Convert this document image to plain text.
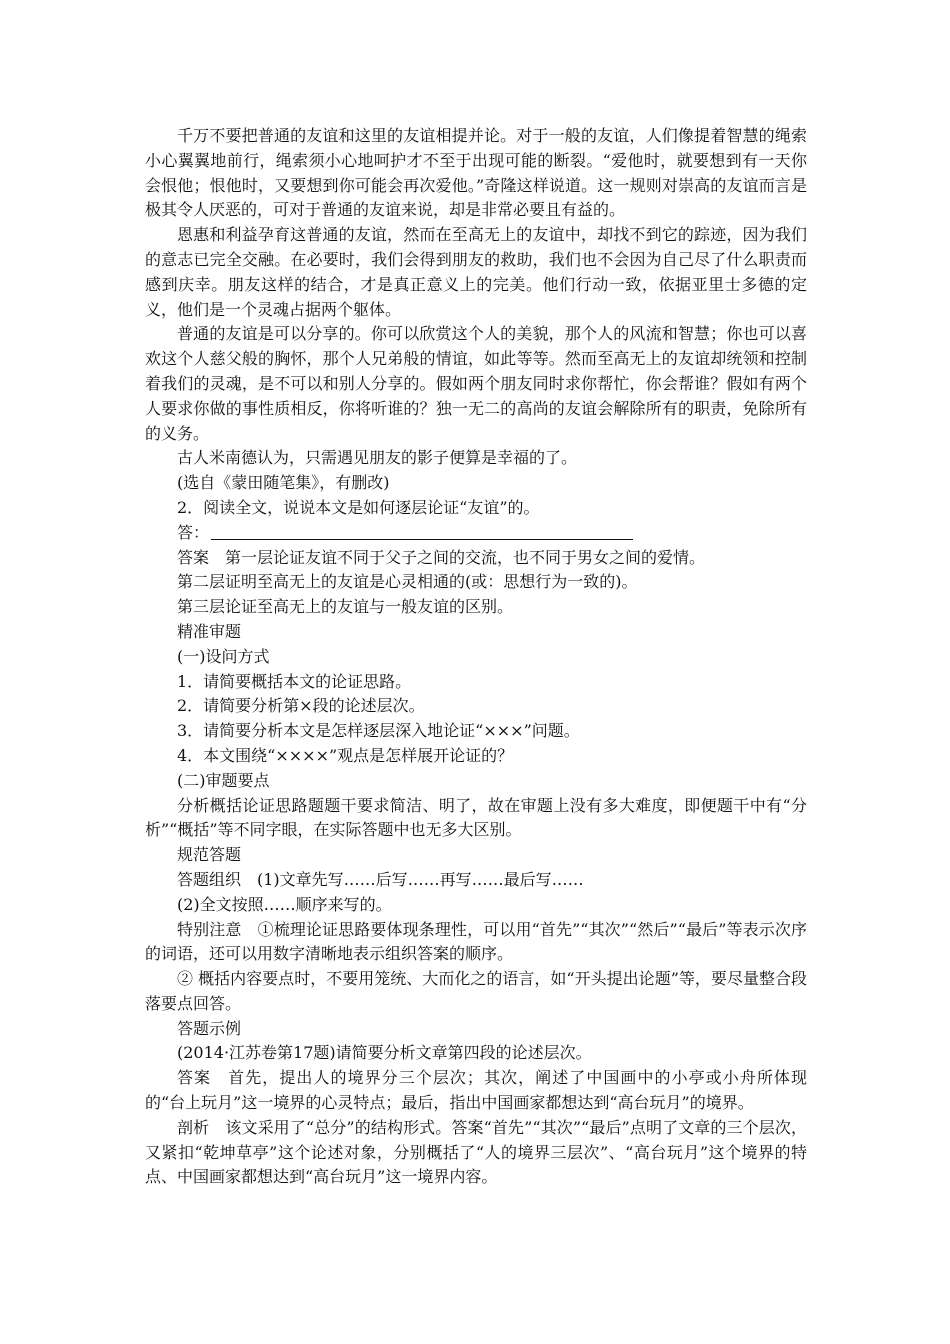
千万不要把普通的友谊和这里的友谊相提并论。对于一般的友谊，人们像提着智慧的绳索小心翼翼地前行，绳索须小心地呵护才不至于出现可能的断裂。“爱他时，就要想到有一天你会恨他；恨他时，又要想到你可能会再次爱他。”奇隆这样说道。这一规则对崇高的友谊而言是极其令人厌恶的，可对于普通的友谊来说，却是非常必要且有益的。

恩惠和利益孕育这普通的友谊，然而在至高无上的友谊中，却找不到它的踪迹，因为我们的意志已完全交融。在必要时，我们会得到朋友的救助，我们也不会因为自己尽了什么职责而感到庆幸。朋友这样的结合，才是真正意义上的完美。他们行动一致，依据亚里士多德的定义，他们是一个灵魂占据两个躯体。

普通的友谊是可以分享的。你可以欣赏这个人的美貌，那个人的风流和智慧；你也可以喜欢这个人慈父般的胸怀，那个人兄弟般的情谊，如此等等。然而至高无上的友谊却统领和控制着我们的灵魂，是不可以和别人分享的。假如两个朋友同时求你帮忙，你会帮谁？假如有两个人要求你做的事性质相反，你将听谁的？独一无二的高尚的友谊会解除所有的职责，免除所有的义务。

古人米南德认为，只需遇见朋友的影子便算是幸福的了。

(选自《蒙田随笔集》，有删改)

2．阅读全文，说说本文是如何逐层论证“友谊”的。

答：

答案　第一层论证友谊不同于父子之间的交流，也不同于男女之间的爱情。

第二层证明至高无上的友谊是心灵相通的(或：思想行为一致的)。

第三层论证至高无上的友谊与一般友谊的区别。

精准审题

(一)设问方式

1．请简要概括本文的论证思路。

2．请简要分析第×段的论述层次。

3．请简要分析本文是怎样逐层深入地论证“×××”问题。

4．本文围绕“××××”观点是怎样展开论证的？

(二)审题要点

分析概括论证思路题题干要求简洁、明了，故在审题上没有多大难度，即便题干中有“分析”“概括”等不同字眼，在实际答题中也无多大区别。

规范答题

答题组织　(1)文章先写……后写……再写……最后写……

(2)全文按照……顺序来写的。

特别注意　①梳理论证思路要体现条理性，可以用“首先”“其次”“然后”“最后”等表示次序的词语，还可以用数字清晰地表示组织答案的顺序。

② 概括内容要点时，不要用笼统、大而化之的语言，如“开头提出论题”等，要尽量整合段落要点回答。

答题示例

(2014·江苏卷第17题)请简要分析文章第四段的论述层次。

答案　首先，提出人的境界分三个层次；其次，阐述了中国画中的小亭或小舟所体现的“台上玩月”这一境界的心灵特点；最后，指出中国画家都想达到“高台玩月”的境界。

剖析　该文采用了“总分”的结构形式。答案“首先”“其次”“最后”点明了文章的三个层次，又紧扣“乾坤草亭”这个论述对象，分别概括了“人的境界三层次”、“高台玩月”这个境界的特点、中国画家都想达到“高台玩月”这一境界内容。
